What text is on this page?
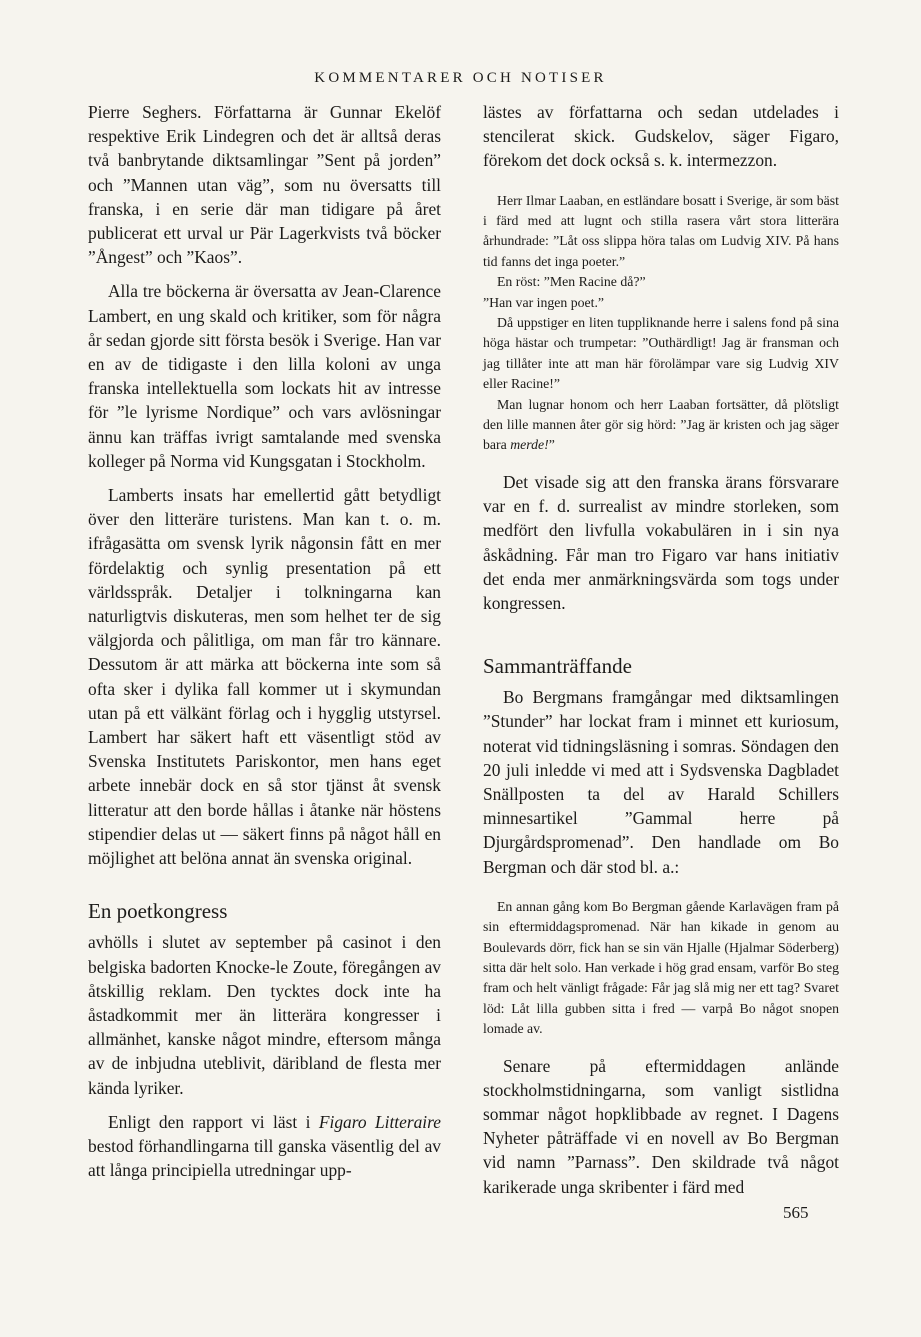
KOMMENTARER OCH NOTISER

Pierre Seghers. Författarna är Gunnar Ekelöf respektive Erik Lindegren och det är alltså deras två banbrytande diktsamlingar ”Sent på jorden” och ”Mannen utan väg”, som nu översatts till franska, i en serie där man tidigare på året publicerat ett urval ur Pär Lagerkvists två böcker ”Ångest” och ”Kaos”.

Alla tre böckerna är översatta av Jean-Clarence Lambert, en ung skald och kritiker, som för några år sedan gjorde sitt första besök i Sverige. Han var en av de tidigaste i den lilla koloni av unga franska intellektuella som lockats hit av intresse för ”le lyrisme Nordique” och vars avlösningar ännu kan träffas ivrigt samtalande med svenska kolleger på Norma vid Kungsgatan i Stockholm.

Lamberts insats har emellertid gått betydligt över den litteräre turistens. Man kan t. o. m. ifrågasätta om svensk lyrik någonsin fått en mer fördelaktig och synlig presentation på ett världsspråk. Detaljer i tolkningarna kan naturligtvis diskuteras, men som helhet ter de sig välgjorda och pålitliga, om man får tro kännare. Dessutom är att märka att böckerna inte som så ofta sker i dylika fall kommer ut i skymundan utan på ett välkänt förlag och i hygglig utstyrsel. Lambert har säkert haft ett väsentligt stöd av Svenska Institutets Pariskontor, men hans eget arbete innebär dock en så stor tjänst åt svensk litteratur att den borde hållas i åtanke när höstens stipendier delas ut — säkert finns på något håll en möjlighet att belöna annat än svenska original.

En poetkongress

avhölls i slutet av september på casinot i den belgiska badorten Knocke-le Zoute, föregången av åtskillig reklam. Den tycktes dock inte ha åstadkommit mer än litterära kongresser i allmänhet, kanske något mindre, eftersom många av de inbjudna uteblivit, däribland de flesta mer kända lyriker.

Enligt den rapport vi läst i Figaro Litteraire bestod förhandlingarna till ganska väsentlig del av att långa principiella utredningar upp-

lästes av författarna och sedan utdelades i stencilerat skick. Gudskelov, säger Figaro, förekom det dock också s. k. intermezzon.

Herr Ilmar Laaban, en estländare bosatt i Sverige, är som bäst i färd med att lugnt och stilla rasera vårt stora litterära århundrade: ”Låt oss slippa höra talas om Ludvig XIV. På hans tid fanns det inga poeter.”

En röst: ”Men Racine då?”

”Han var ingen poet.”

Då uppstiger en liten tuppliknande herre i salens fond på sina höga hästar och trumpetar: ”Outhärdligt! Jag är fransman och jag tillåter inte att man här förolämpar vare sig Ludvig XIV eller Racine!”

Man lugnar honom och herr Laaban fortsätter, då plötsligt den lille mannen åter gör sig hörd: ”Jag är kristen och jag säger bara merde!”

Det visade sig att den franska ärans försvarare var en f. d. surrealist av mindre storleken, som medfört den livfulla vokabulären in i sin nya åskådning. Får man tro Figaro var hans initiativ det enda mer anmärkningsvärda som togs under kongressen.

Sammanträffande

Bo Bergmans framgångar med diktsamlingen ”Stunder” har lockat fram i minnet ett kuriosum, noterat vid tidningsläsning i somras. Söndagen den 20 juli inledde vi med att i Sydsvenska Dagbladet Snällposten ta del av Harald Schillers minnesartikel ”Gammal herre på Djurgårdspromenad”. Den handlade om Bo Bergman och där stod bl. a.:

En annan gång kom Bo Bergman gående Karlavägen fram på sin eftermiddagspromenad. När han kikade in genom au Boulevards dörr, fick han se sin vän Hjalle (Hjalmar Söderberg) sitta där helt solo. Han verkade i hög grad ensam, varför Bo steg fram och helt vänligt frågade: Får jag slå mig ner ett tag? Svaret löd: Låt lilla gubben sitta i fred — varpå Bo något snopen lomade av.

Senare på eftermiddagen anlände stockholmstidningarna, som vanligt sistlidna sommar något hopklibbade av regnet. I Dagens Nyheter påträffade vi en novell av Bo Bergman vid namn ”Parnass”. Den skildrade två något karikerade unga skribenter i färd med

565
